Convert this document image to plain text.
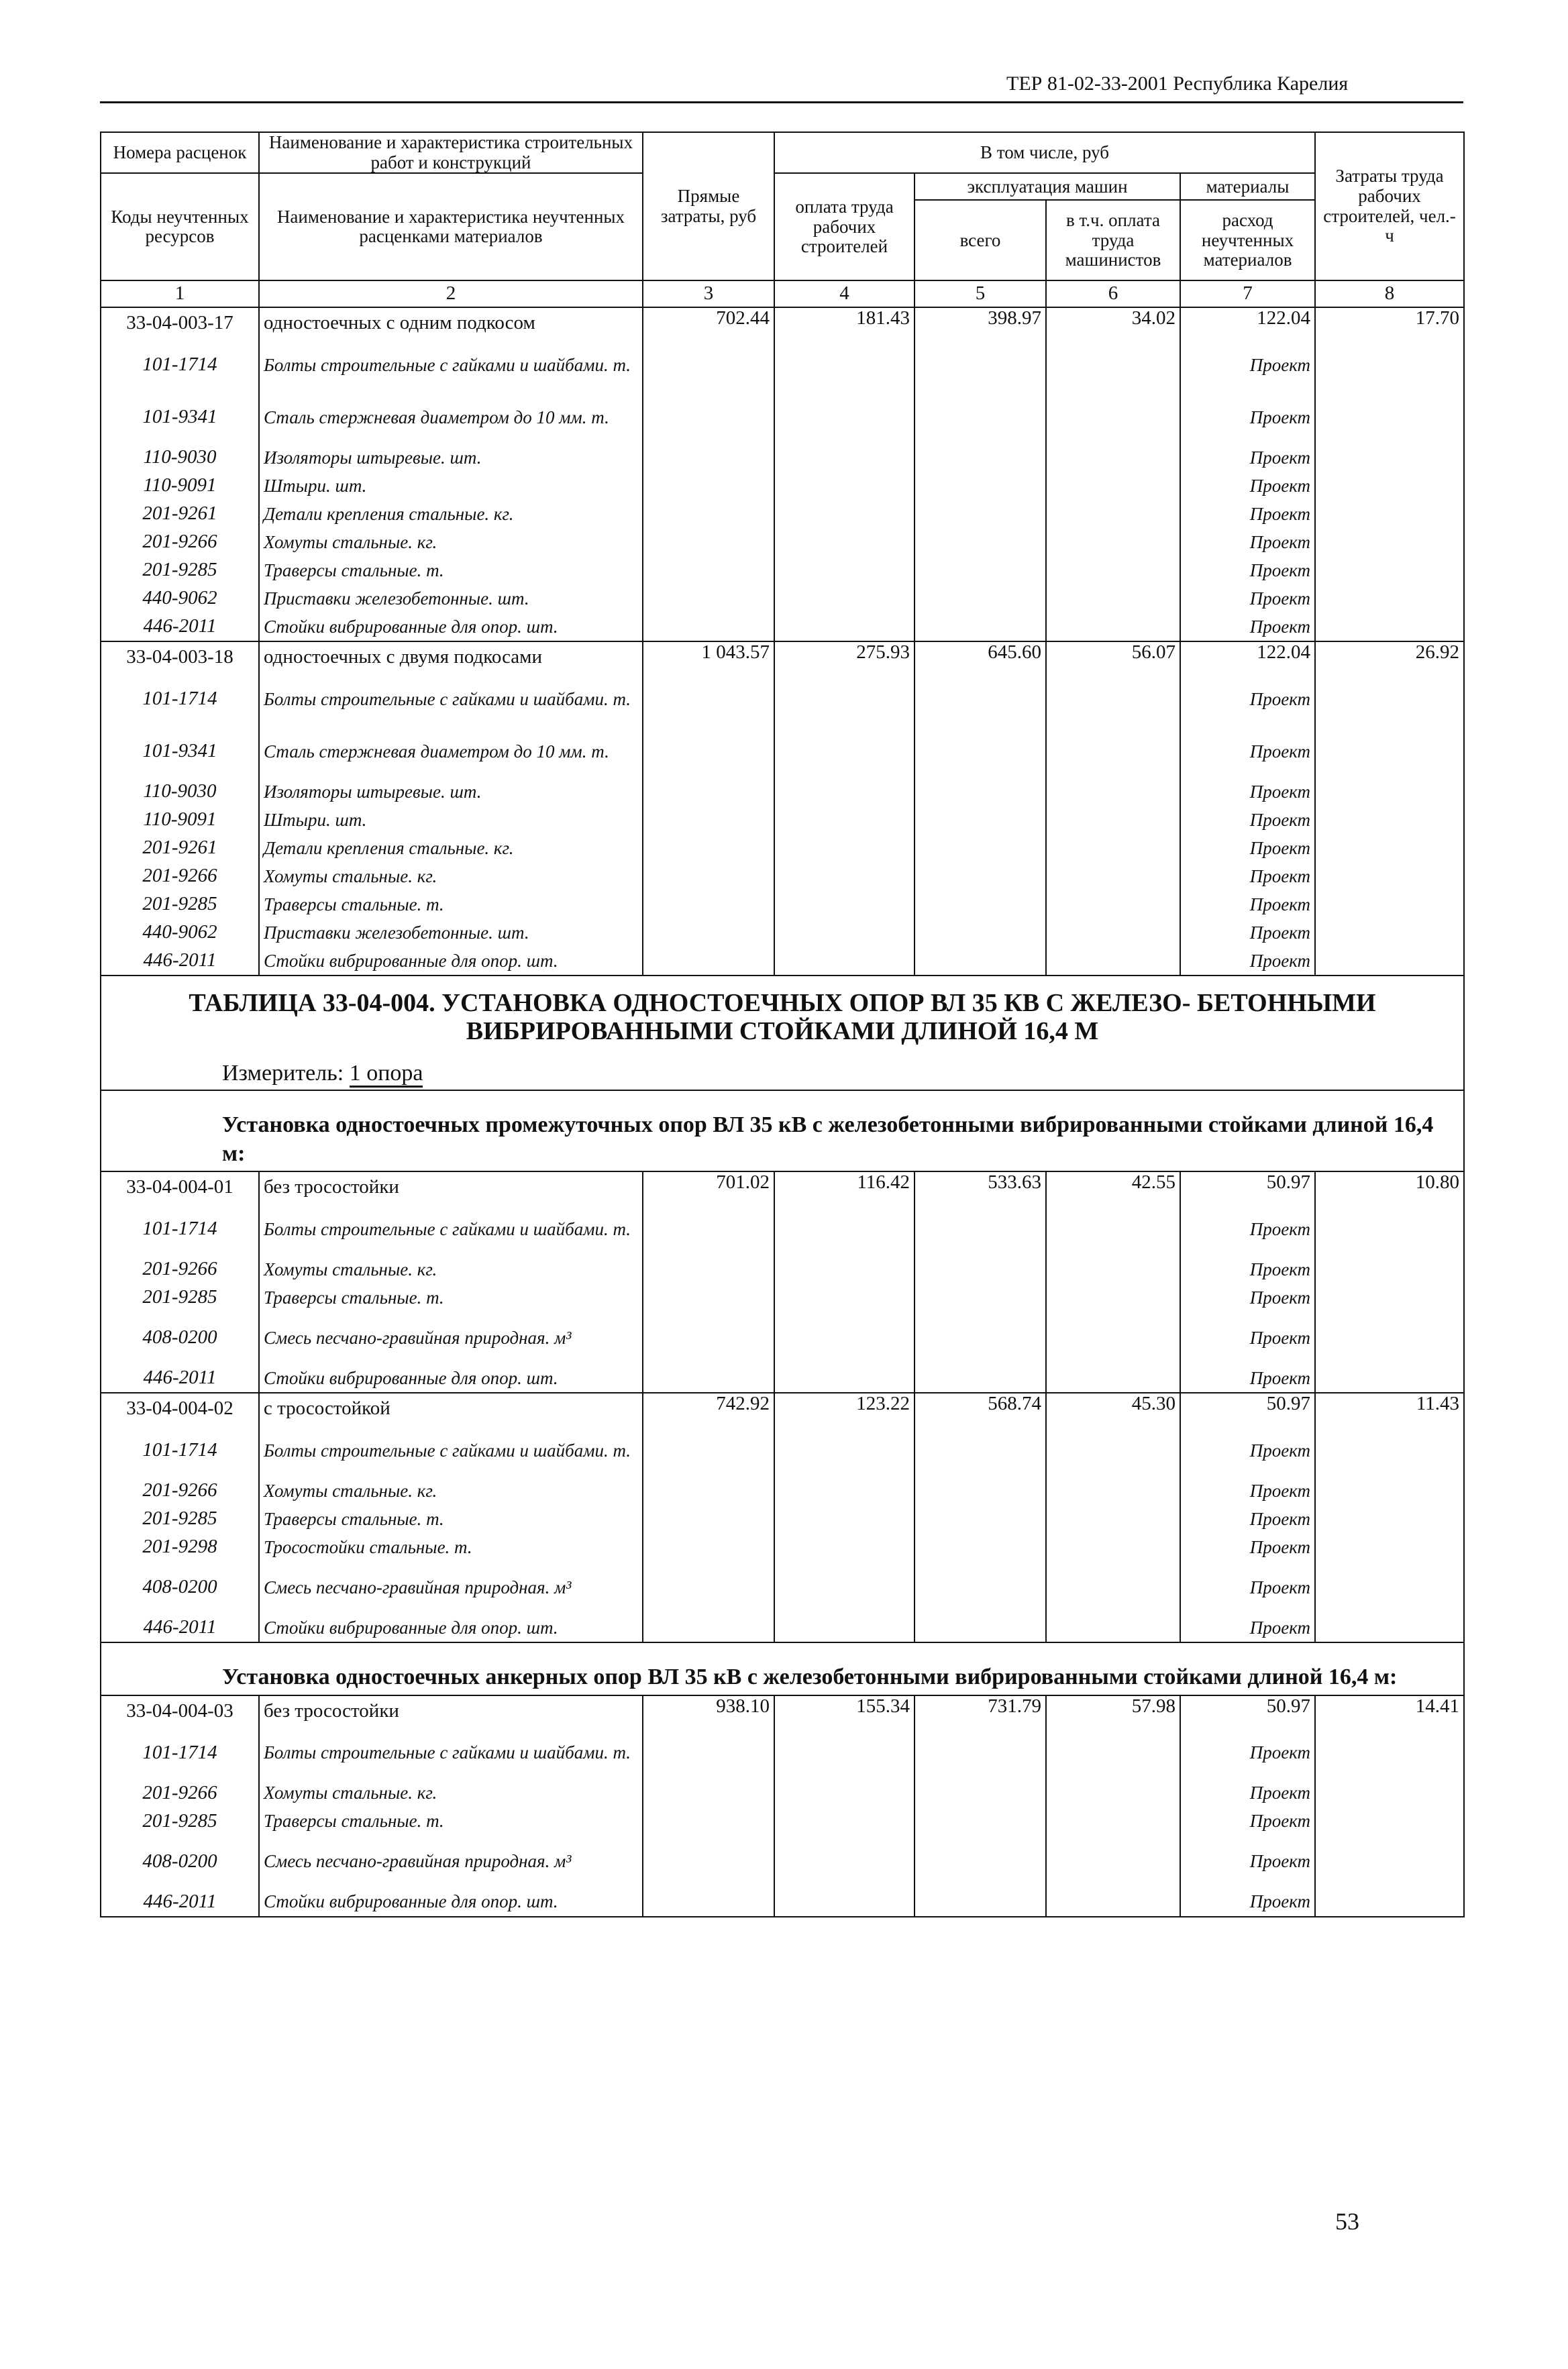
ТЕР 81-02-33-2001 Республика Карелия
Номера расценок	Наименование и характеристика строительных работ и конструкций	Прямые затраты, руб	В том числе, руб				Затраты труда рабочих строителей, чел.-ч
Коды неучтенных ресурсов	Наименование и характеристика неучтенных расценками материалов		оплата труда рабочих строителей	эксплуатация машин		материалы	
				всего	в т.ч. оплата труда машинистов	расход неучтенных материалов	
1	2	3	4	5	6	7	8
33-04-003-17	одностоечных с одним подкосом	702.44	181.43	398.97	34.02	122.04	17.70
101-1714	Болты строительные с гайками и шайбами. т.					Проект	
101-9341	Сталь стержневая диаметром до 10 мм. т.					Проект	
110-9030	Изоляторы штыревые. шт.					Проект	
110-9091	Штыри. шт.					Проект	
201-9261	Детали крепления стальные. кг.					Проект	
201-9266	Хомуты стальные. кг.					Проект	
201-9285	Траверсы стальные. т.					Проект	
440-9062	Приставки железобетонные. шт.					Проект	
446-2011	Стойки вибрированные для опор. шт.					Проект	
33-04-003-18	одностоечных с двумя подкосами	1 043.57	275.93	645.60	56.07	122.04	26.92
101-1714	Болты строительные с гайками и шайбами. т.					Проект	
101-9341	Сталь стержневая диаметром до 10 мм. т.					Проект	
110-9030	Изоляторы штыревые. шт.					Проект	
110-9091	Штыри. шт.					Проект	
201-9261	Детали крепления стальные. кг.					Проект	
201-9266	Хомуты стальные. кг.					Проект	
201-9285	Траверсы стальные. т.					Проект	
440-9062	Приставки железобетонные. шт.					Проект	
446-2011	Стойки вибрированные для опор. шт.					Проект	
ТАБЛИЦА 33-04-004. УСТАНОВКА ОДНОСТОЕЧНЫХ ОПОР ВЛ 35 КВ С ЖЕЛЕЗО- БЕТОННЫМИ ВИБРИРОВАННЫМИ СТОЙКАМИ ДЛИНОЙ 16,4 М							
Измеритель: 1 опора							
Установка одностоечных промежуточных опор ВЛ 35 кВ с железобетонными вибрированными стойками длиной 16,4 м:							
33-04-004-01	без тросостойки	701.02	116.42	533.63	42.55	50.97	10.80
101-1714	Болты строительные с гайками и шайбами. т.					Проект	
201-9266	Хомуты стальные. кг.					Проект	
201-9285	Траверсы стальные. т.					Проект	
408-0200	Смесь песчано-гравийная природная. м³					Проект	
446-2011	Стойки вибрированные для опор. шт.					Проект	
33-04-004-02	с тросостойкой	742.92	123.22	568.74	45.30	50.97	11.43
101-1714	Болты строительные с гайками и шайбами. т.					Проект	
201-9266	Хомуты стальные. кг.					Проект	
201-9285	Траверсы стальные. т.					Проект	
201-9298	Тросостойки стальные. т.					Проект	
408-0200	Смесь песчано-гравийная природная. м³					Проект	
446-2011	Стойки вибрированные для опор. шт.					Проект	
Установка одностоечных анкерных опор ВЛ 35 кВ с железобетонными вибрированными стойками длиной 16,4 м:							
33-04-004-03	без тросостойки	938.10	155.34	731.79	57.98	50.97	14.41
101-1714	Болты строительные с гайками и шайбами. т.					Проект	
201-9266	Хомуты стальные. кг.					Проект	
201-9285	Траверсы стальные. т.					Проект	
408-0200	Смесь песчано-гравийная природная. м³					Проект	
446-2011	Стойки вибрированные для опор. шт.					Проект	
53
